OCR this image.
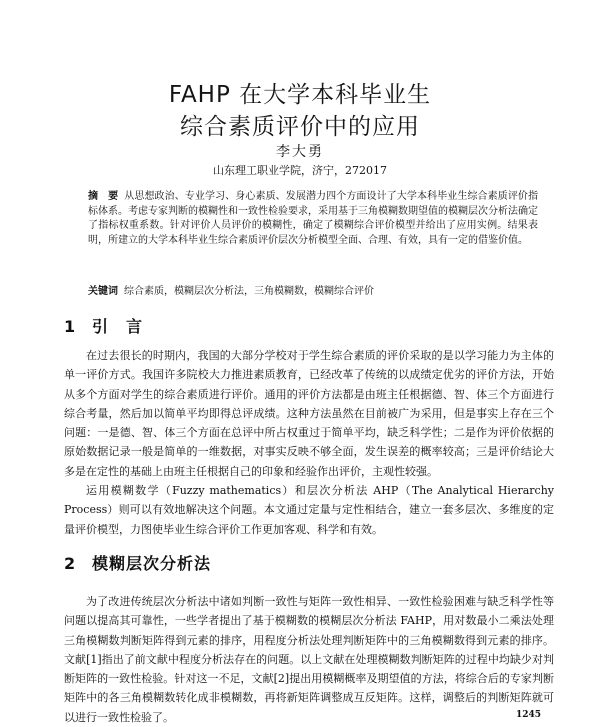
FAHP 在大学本科毕业生
综合素质评价中的应用
李大勇
山东理工职业学院，济宁，272017
摘　要 从思想政治、专业学习、身心素质、发展潜力四个方面设计了大学本科毕业生综合素质评价指标体系。考虑专家判断的模糊性和一致性检验要求，采用基于三角模糊数期望值的模糊层次分析法确定了指标权重系数。针对评价人员评价的模糊性，确定了模糊综合评价模型并给出了应用实例。结果表明，所建立的大学本科毕业生综合素质评价层次分析模型全面、合理、有效，具有一定的借鉴价值。
关键词 综合素质，模糊层次分析法，三角模糊数，模糊综合评价
1 引　言

在过去很长的时期内，我国的大部分学校对于学生综合素质的评价采取的是以学习能力为主体的单一评价方式。我国许多院校大力推进素质教育，已经改革了传统的以成绩定优劣的评价方法，开始从多个方面对学生的综合素质进行评价。通用的评价方法都是由班主任根据德、智、体三个方面进行综合考量，然后加以简单平均即得总评成绩。这种方法虽然在目前被广为采用，但是事实上存在三个问题：一是德、智、体三个方面在总评中所占权重过于简单平均，缺乏科学性；二是作为评价依据的原始数据记录一般是简单的一维数据，对事实反映不够全面，发生误差的概率较高；三是评价结论大多是在定性的基础上由班主任根据自己的印象和经验作出评价，主观性较强。

运用模糊数学（Fuzzy mathematics）和层次分析法 AHP（The Analytical Hierarchy Process）则可以有效地解决这个问题。本文通过定量与定性相结合，建立一套多层次、多维度的定量评价模型，力图使毕业生综合评价工作更加客观、科学和有效。

2 模糊层次分析法

为了改进传统层次分析法中诸如判断一致性与矩阵一致性相异、一致性检验困难与缺乏科学性等问题以提高其可靠性，一些学者提出了基于模糊数的模糊层次分析法 FAHP，用对数最小二乘法处理三角模糊数判断矩阵得到元素的排序，用程度分析法处理判断矩阵中的三角模糊数得到元素的排序。文献[1]指出了前文献中程度分析法存在的问题。以上文献在处理模糊数判断矩阵的过程中均缺少对判断矩阵的一致性检验。针对这一不足，文献[2]提出用模糊概率及期望值的方法，将综合后的专家判断矩阵中的各三角模糊数转化成非模糊数，再将新矩阵调整成互反矩阵。这样，调整后的判断矩阵就可以进行一致性检验了。	1245
